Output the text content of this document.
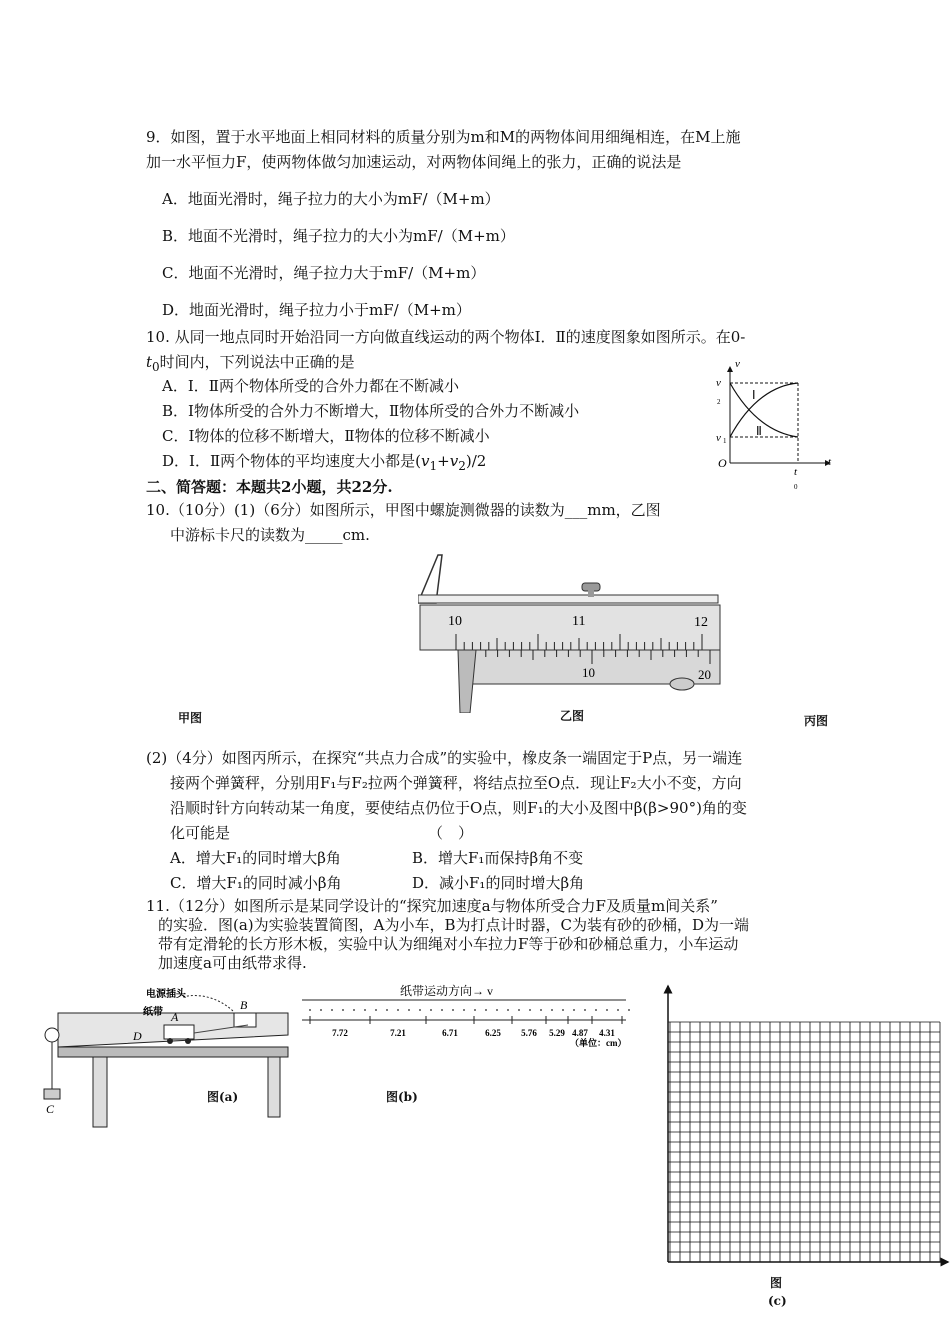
9．如图，置于水平地面上相同材料的质量分别为m和M的两物体间用细绳相连，在M上施
加一水平恒力F，使两物体做匀加速运动，对两物体间绳上的张力，正确的说法是
A．地面光滑时，绳子拉力的大小为mF/（M+m）
B．地面不光滑时，绳子拉力的大小为mF/（M+m）
C．地面不光滑时，绳子拉力大于mF/（M+m）
D．地面光滑时，绳子拉力小于mF/（M+m）
10. 从同一地点同时开始沿同一方向做直线运动的两个物体Ⅰ．Ⅱ的速度图象如图所示。在0-
$t_0$时间内，下列说法中正确的是
A．Ⅰ．Ⅱ两个物体所受的合外力都在不断减小
B．Ⅰ物体所受的合外力不断增大，Ⅱ物体所受的合外力不断减小
C．Ⅰ物体的位移不断增大，Ⅱ物体的位移不断减小
D．Ⅰ．Ⅱ两个物体的平均速度大小都是$(v_1+v_2)/2$
v
v
2
v 1
O	t
t
0
Ⅰ
Ⅱ
二、简答题：本题共2小题，共22分.
10.（10分）(1)（6分）如图所示，甲图中螺旋测微器的读数为___mm，乙图
中游标卡尺的读数为_____cm.
10	11	12
10	20
甲图	乙图	丙图
(2)（4分）如图丙所示，在探究“共点力合成”的实验中，橡皮条一端固定于P点，另一端连
接两个弹簧秤，分别用F₁与F₂拉两个弹簧秤，将结点拉至O点．现让F₂大小不变，方向
沿顺时针方向转动某一角度，要使结点仍位于O点，则F₁的大小及图中β(β>90°)角的变
化可能是	（　）
A．增大F₁的同时增大β角	B．增大F₁而保持β角不变
C．增大F₁的同时减小β角	D．减小F₁的同时增大β角
11.（12分）如图所示是某同学设计的“探究加速度a与物体所受合力F及质量m间关系”
的实验．图(a)为实验装置简图，A为小车，B为打点计时器，C为装有砂的砂桶，D为一端
带有定滑轮的长方形木板，实验中认为细绳对小车拉力F等于砂和砂桶总重力，小车运动
加速度a可由纸带求得.
电源插头
纸带 A
B
C
D
图(a)
纸带运动方向→ v
7.72	7.21	6.71	6.25 5.76 5.29 4.87 4.31
（单位：cm）
图(b)
图
(c)
